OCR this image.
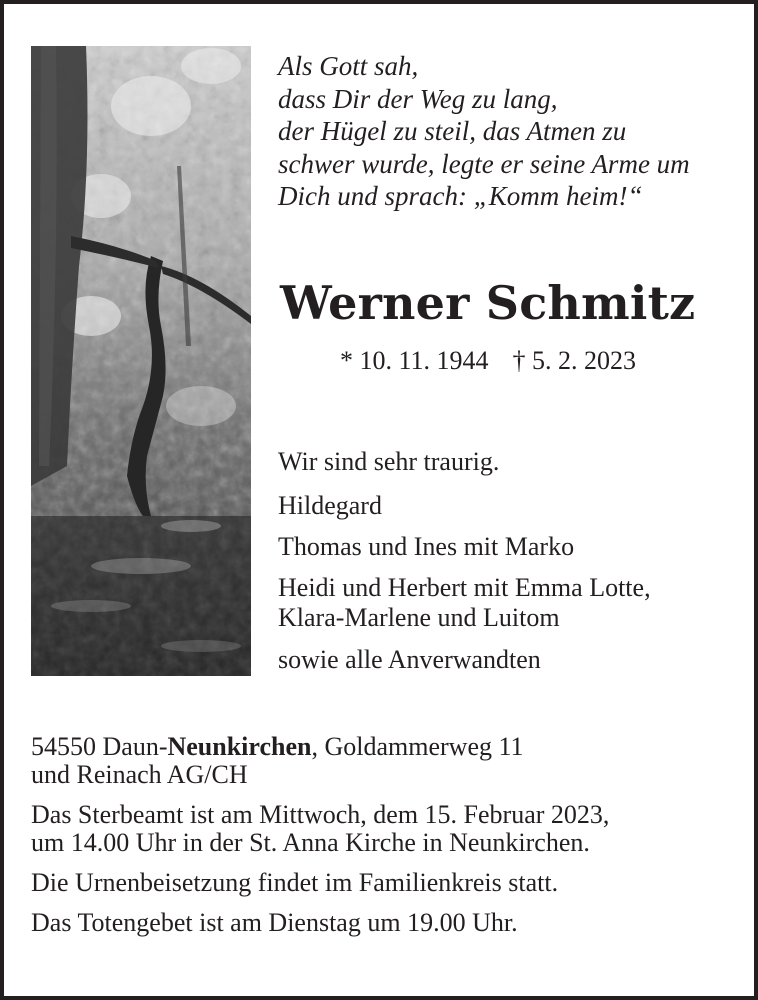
Als Gott sah,
dass Dir der Weg zu lang,
der Hügel zu steil, das Atmen zu
schwer wurde, legte er seine Arme um
Dich und sprach: „Komm heim!“
Werner Schmitz
* 10. 11. 1944 † 5. 2. 2023
Wir sind sehr traurig.
Hildegard
Thomas und Ines mit Marko
Heidi und Herbert mit Emma Lotte,
Klara-Marlene und Luitom
sowie alle Anverwandten
54550 Daun-Neunkirchen, Goldammerweg 11
und Reinach AG/CH
Das Sterbeamt ist am Mittwoch, dem 15. Februar 2023,
um 14.00 Uhr in der St. Anna Kirche in Neunkirchen.
Die Urnenbeisetzung findet im Familienkreis statt.
Das Totengebet ist am Dienstag um 19.00 Uhr.
